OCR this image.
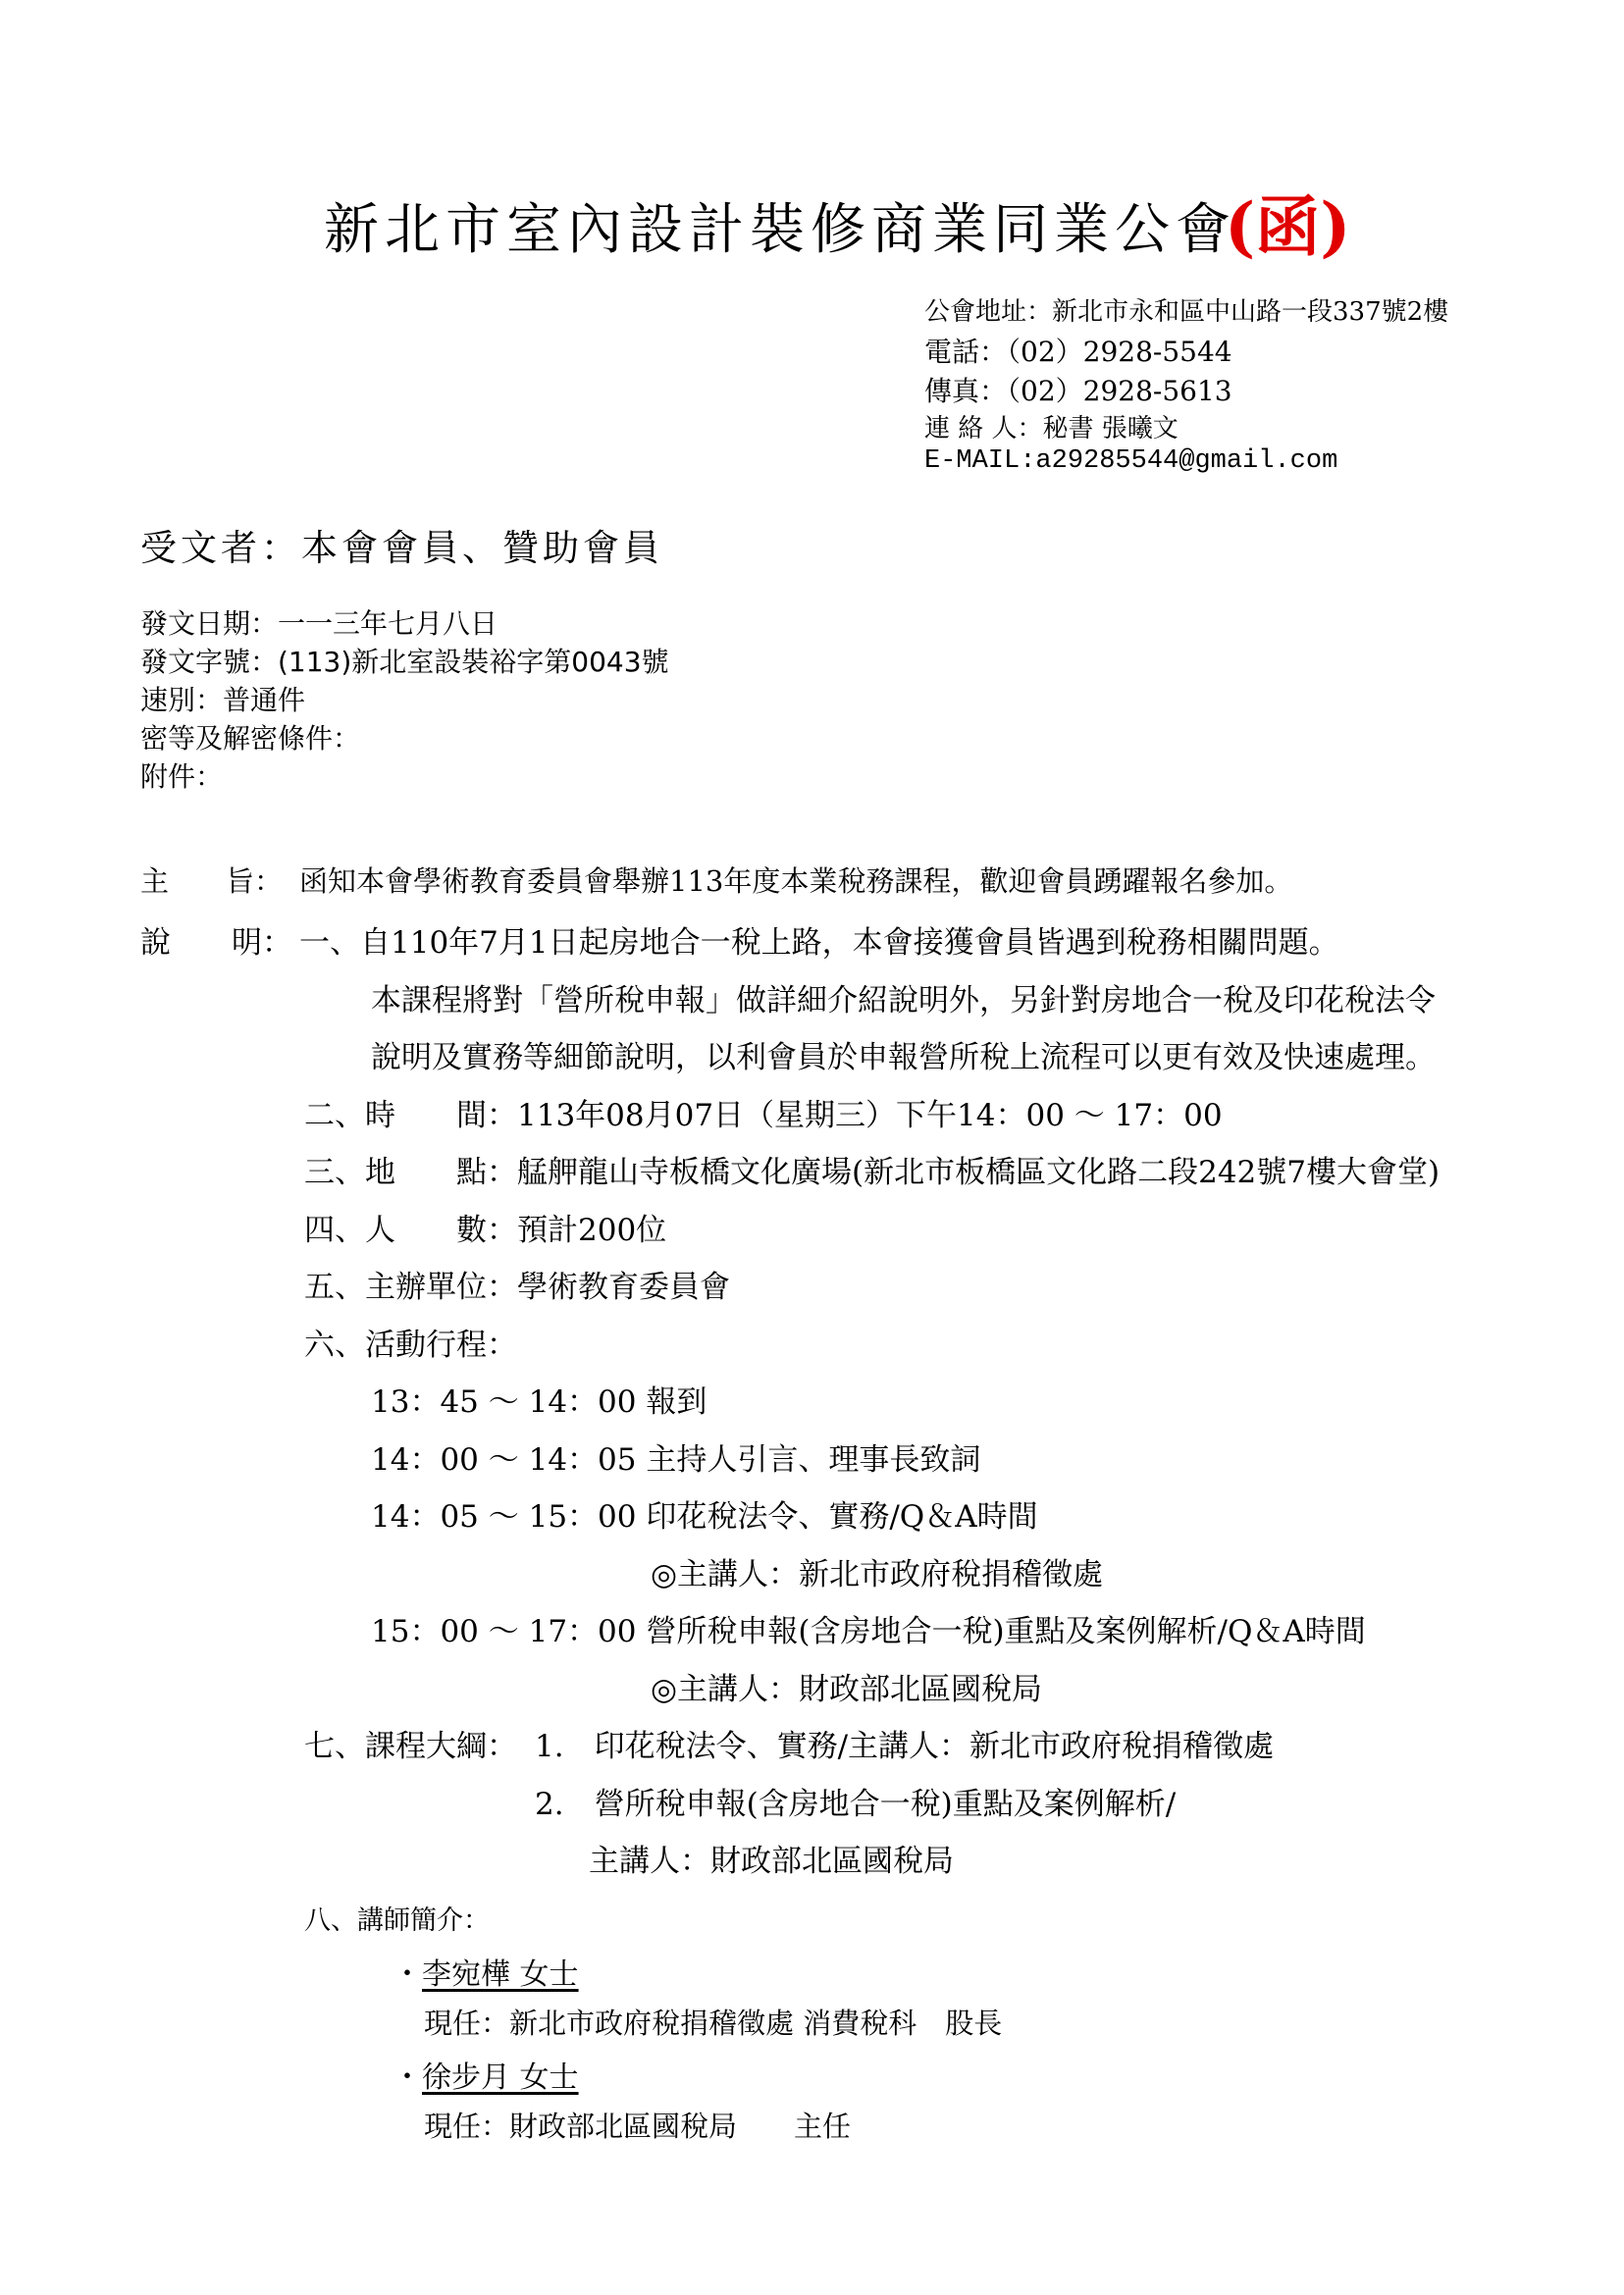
新北市室內設計裝修商業同業公會
(函)
公會地址：新北市永和區中山路一段337號2樓
電話：（02）2928-5544
傳真：（02）2928-5613
連 絡 人：秘書 張曦文
E-MAIL:a29285544@gmail.com
受文者：本會會員、贊助會員
發文日期：一一三年七月八日
發文字號：(113)新北室設裝裕字第0043號
速別：普通件
密等及解密條件：
附件：
主　　旨： 函知本會學術教育委員會舉辦113年度本業稅務課程，歡迎會員踴躍報名參加。
說　　明： 一、自110年7月1日起房地合一稅上路，本會接獲會員皆遇到稅務相關問題。
本課程將對「營所稅申報」做詳細介紹說明外，另針對房地合一稅及印花稅法令
說明及實務等細節說明，以利會員於申報營所稅上流程可以更有效及快速處理。
二、時　　間：113年08月07日（星期三）下午14：00 ～ 17：00
三、地　　點：艋舺龍山寺板橋文化廣場(新北市板橋區文化路二段242號7樓大會堂)
四、人　　數：預計200位
五、主辦單位：學術教育委員會
六、活動行程：
13：45 ～ 14：00 報到
14：00 ～ 14：05 主持人引言、理事長致詞
14：05 ～ 15：00 印花稅法令、實務/Q＆A時間
◎主講人：新北市政府稅捐稽徵處
15：00 ～ 17：00 營所稅申報(含房地合一稅)重點及案例解析/Q＆A時間
◎主講人：財政部北區國稅局
七、課程大綱： 1.　印花稅法令、實務/主講人：新北市政府稅捐稽徵處
2.　營所稅申報(含房地合一稅)重點及案例解析/
主講人：財政部北區國稅局
八、講師簡介：
・李宛樺 女士
現任：新北市政府稅捐稽徵處 消費稅科　股長
・徐步月 女士
現任：財政部北區國稅局　　主任
